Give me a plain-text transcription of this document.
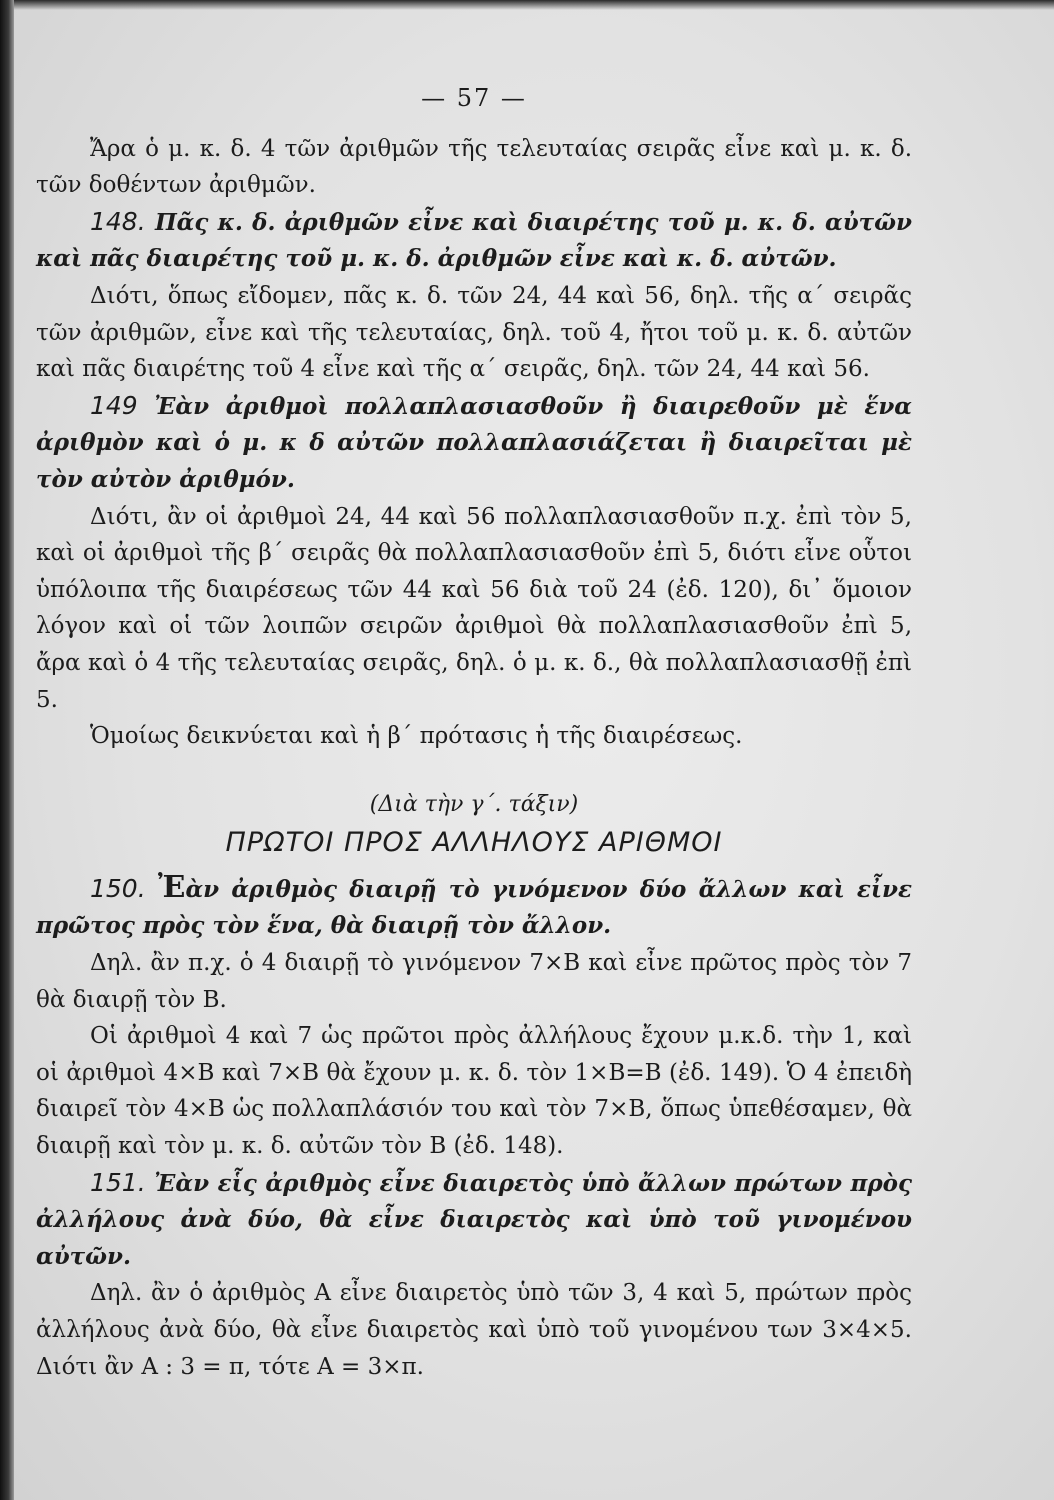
— 57 —

Ἄρα ὁ μ. κ. δ. 4 τῶν ἀριθμῶν τῆς τελευταίας σειρᾶς εἶνε καὶ μ. κ. δ. τῶν δοθέντων ἀριθμῶν.

148. Πᾶς κ. δ. ἀριθμῶν εἶνε καὶ διαιρέτης τοῦ μ. κ. δ. αὐτῶν καὶ πᾶς διαιρέτης τοῦ μ. κ. δ. ἀριθμῶν εἶνε καὶ κ. δ. αὐτῶν.

Διότι, ὅπως εἴδομεν, πᾶς κ. δ. τῶν 24, 44 καὶ 56, δηλ. τῆς α΄ σειρᾶς τῶν ἀριθμῶν, εἶνε καὶ τῆς τελευταίας, δηλ. τοῦ 4, ἤτοι τοῦ μ. κ. δ. αὐτῶν καὶ πᾶς διαιρέτης τοῦ 4 εἶνε καὶ τῆς α΄ σειρᾶς, δηλ. τῶν 24, 44 καὶ 56.

149 Ἐὰν ἀριθμοὶ πολλαπλασιασθοῦν ἢ διαιρεθοῦν μὲ ἕνα ἀριθμὸν καὶ ὁ μ. κ δ αὐτῶν πολλαπλασιάζεται ἢ διαιρεῖται μὲ τὸν αὐτὸν ἀριθμόν.

Διότι, ἂν οἱ ἀριθμοὶ 24, 44 καὶ 56 πολλαπλασιασθοῦν π.χ. ἐπὶ τὸν 5, καὶ οἱ ἀριθμοὶ τῆς β΄ σειρᾶς θὰ πολλαπλασιασθοῦν ἐπὶ 5, διότι εἶνε οὗτοι ὑπόλοιπα τῆς διαιρέσεως τῶν 44 καὶ 56 διὰ τοῦ 24 (ἐδ. 120), δι᾽ ὅμοιον λόγον καὶ οἱ τῶν λοιπῶν σειρῶν ἀριθμοὶ θὰ πολλαπλασιασθοῦν ἐπὶ 5, ἄρα καὶ ὁ 4 τῆς τελευταίας σειρᾶς, δηλ. ὁ μ. κ. δ., θὰ πολλαπλασιασθῇ ἐπὶ 5.

Ὁμοίως δεικνύεται καὶ ἡ β΄ πρότασις ἡ τῆς διαιρέσεως.

(Διὰ τὴν γ΄. τάξιν)
ΠΡΩΤΟΙ ΠΡΟΣ ΑΛΛΗΛΟΥΣ ΑΡΙΘΜΟΙ

150. Ἐὰν ἀριθμὸς διαιρῇ τὸ γινόμενον δύο ἄλλων καὶ εἶνε πρῶτος πρὸς τὸν ἕνα, θὰ διαιρῇ τὸν ἄλλον.

Δηλ. ἂν π.χ. ὁ 4 διαιρῇ τὸ γινόμενον 7×Β καὶ εἶνε πρῶτος πρὸς τὸν 7 θὰ διαιρῇ τὸν Β.

Οἱ ἀριθμοὶ 4 καὶ 7 ὡς πρῶτοι πρὸς ἀλλήλους ἔχουν μ.κ.δ. τὴν 1, καὶ οἱ ἀριθμοὶ 4×Β καὶ 7×Β θὰ ἔχουν μ. κ. δ. τὸν 1×Β=Β (ἐδ. 149). Ὁ 4 ἐπειδὴ διαιρεῖ τὸν 4×Β ὡς πολλαπλάσιόν του καὶ τὸν 7×Β, ὅπως ὑπεθέσαμεν, θὰ διαιρῇ καὶ τὸν μ. κ. δ. αὐτῶν τὸν Β (ἐδ. 148).

151. Ἐὰν εἷς ἀριθμὸς εἶνε διαιρετὸς ὑπὸ ἄλλων πρώτων πρὸς ἀλλήλους ἀνὰ δύο, θὰ εἶνε διαιρετὸς καὶ ὑπὸ τοῦ γινομένου αὐτῶν.

Δηλ. ἂν ὁ ἀριθμὸς Α εἶνε διαιρετὸς ὑπὸ τῶν 3, 4 καὶ 5, πρώτων πρὸς ἀλλήλους ἀνὰ δύο, θὰ εἶνε διαιρετὸς καὶ ὑπὸ τοῦ γινομένου των 3×4×5. Διότι ἂν Α : 3 = π, τότε Α = 3×π.
